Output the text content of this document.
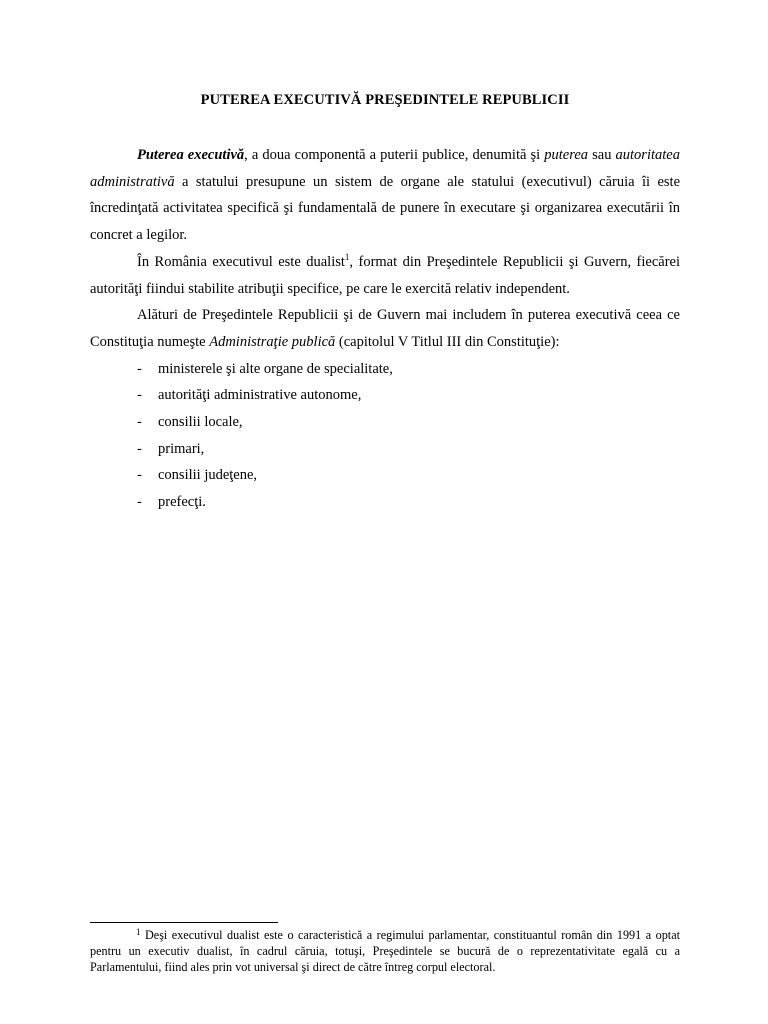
PUTEREA EXECUTIVĂ PREŞEDINTELE REPUBLICII

Puterea executivă, a doua componentă a puterii publice, denumită şi puterea sau autoritatea administrativă a statului presupune un sistem de organe ale statului (executivul) căruia îi este încredinţată activitatea specifică şi fundamentală de punere în executare şi organizarea executării în concret a legilor.

În România executivul este dualist$^1$, format din Preşedintele Republicii şi Guvern, fiecărei autorităţi fiindui stabilite atribuţii specifice, pe care le exercită relativ independent.

Alături de Preşedintele Republicii şi de Guvern mai includem în puterea executivă ceea ce Constituţia numeşte Administraţie publică (capitolul V Titlul III din Constituţie):

- ministerele şi alte organe de specialitate,
- autorităţi administrative autonome,
- consilii locale,
- primari,
- consilii judeţene,
- prefecţi.
$^1$ Deşi executivul dualist este o caracteristică a regimului parlamentar, constituantul român din 1991 a optat pentru un executiv dualist, în cadrul căruia, totuşi, Preşedintele se bucură de o reprezentativitate egală cu a Parlamentului, fiind ales prin vot universal şi direct de către întreg corpul electoral.
